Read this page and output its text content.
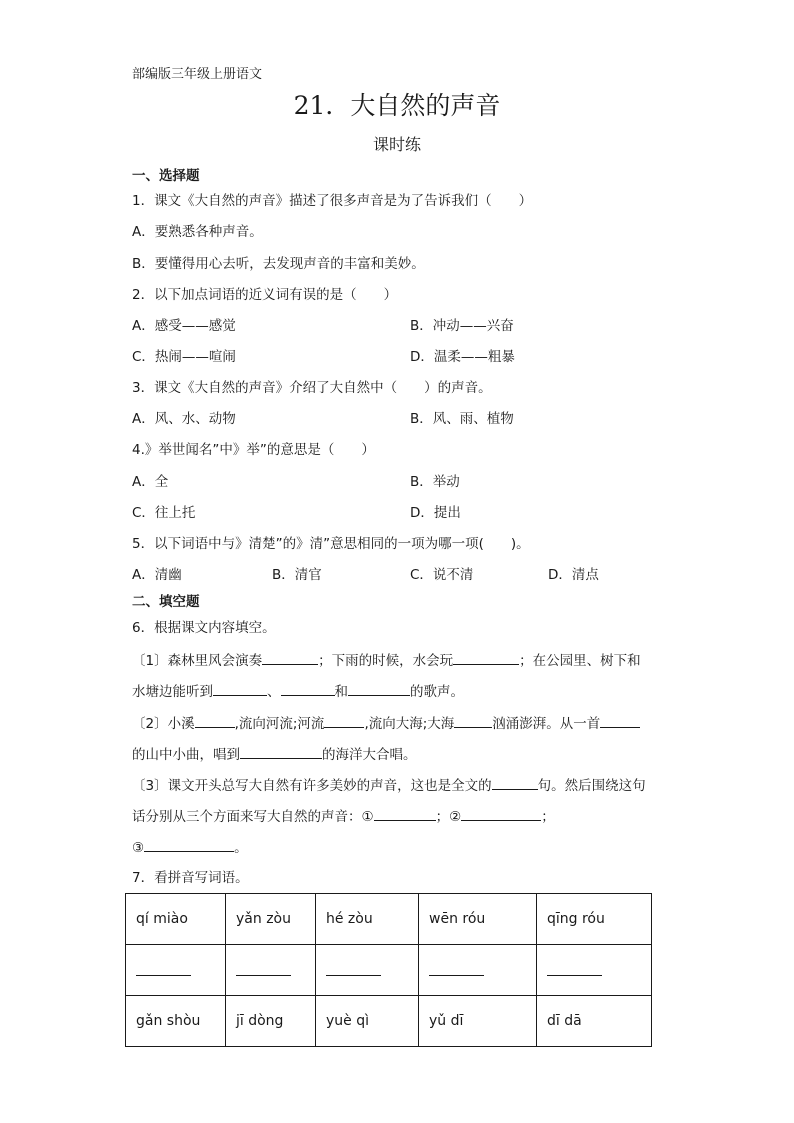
部编版三年级上册语文
21．大自然的声音
课时练
一、选择题
1．课文《大自然的声音》描述了很多声音是为了告诉我们（　　）
A．要熟悉各种声音。
B．要懂得用心去听，去发现声音的丰富和美妙。
2．以下加点词语的近义词有误的是（　　）
A．感受——感觉	B．冲动——兴奋
C．热闹——喧闹	D．温柔——粗暴
3．课文《大自然的声音》介绍了大自然中（　　）的声音。
A．风、水、动物	B．风、雨、植物
4.》举世闻名”中》举”的意思是（　　）
A．全	B．举动
C．往上托	D．提出
5．以下词语中与》清楚”的》清”意思相同的一项为哪一项(　　)。
A．清幽	B．清官	C．说不清	D．清点
二、填空题
6．根据课文内容填空。
〔1〕森林里风会演奏	；下雨的时候，水会玩	；在公园里、树下和
水塘边能听到	、	和	的歌声。
〔2〕小溪	,流向河流;河流	,流向大海;大海	汹涌澎湃。从一首
的山中小曲，唱到	的海洋大合唱。
〔3〕课文开头总写大自然有许多美妙的声音，这也是全文的	句。然后围绕这句
话分别从三个方面来写大自然的声音：①	；②	；
③	。
7．看拼音写词语。
qí miào	yǎn zòu	hé zòu	wēn róu	qīng róu

gǎn shòu	jī dòng	yuè qì	yǔ dī	dī dā
